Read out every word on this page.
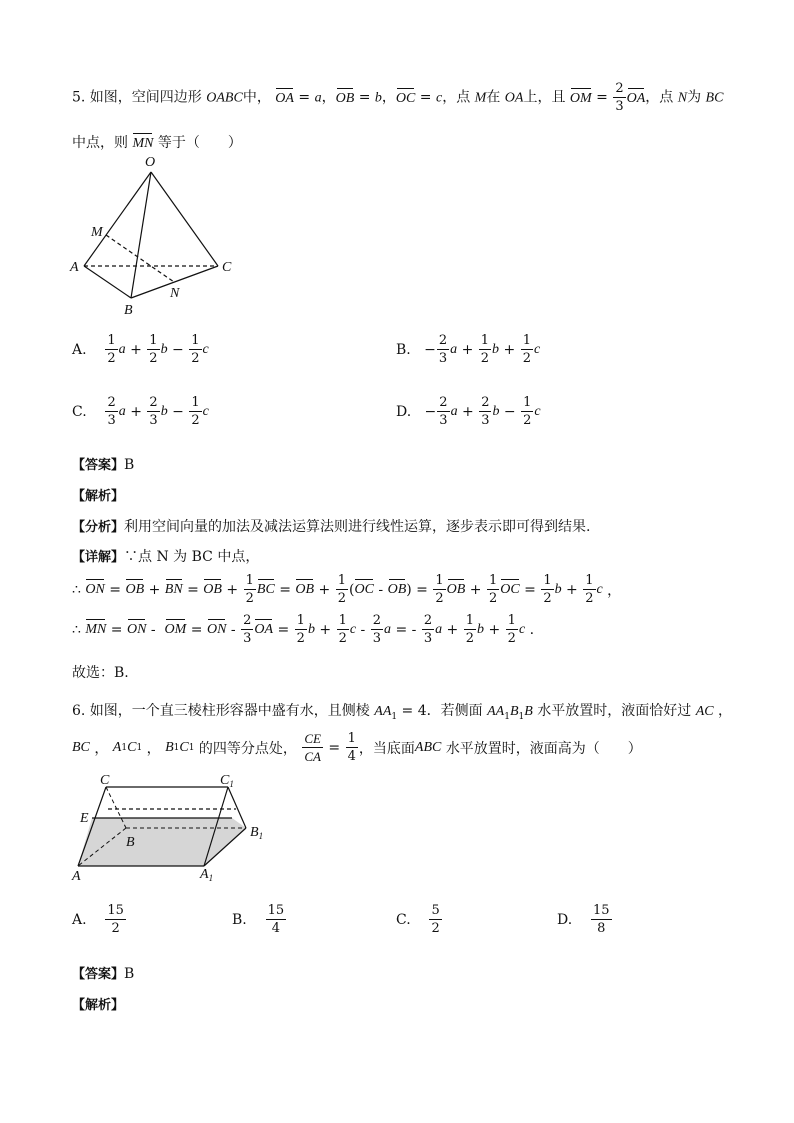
5. 如图，空间四边形 OABC中， OA = a，OB = b，OC = c，点 M在 OA上，且 OM = $\frac{2}{3}$ OA，点 N为 BC
中点，则 MN 等于（　　）
O
M
A	C
N
B
A.
$\frac{1}{2}$ $a + \frac{1}{2}$ $b - \frac{1}{2}$ c	B. − $\frac{2}{3}$ $a + \frac{1}{2}$ $b + \frac{1}{2}$ c
C.
$\frac{2}{3}$ $a + \frac{2}{3}$ $b - \frac{1}{2}$ c	D. − $\frac{2}{3}$ $a + \frac{2}{3}$ $b - \frac{1}{2}$ c
【答案】B
【解析】
【分析】利用空间向量的加法及减法运算法则进行线性运算，逐步表示即可得到结果.
【详解】∵点 N 为 BC 中点，
∴ ON = OB + BN = OB + $\frac{1}{2}$ BC = OB + $\frac{1}{2}$ ( OC - OB ) = $\frac{1}{2}$ OB + $\frac{1}{2}$ OC = $\frac{1}{2}$ $b + \frac{1}{2}$ c ，
∴ MN = ON - OM = ON - $\frac{2}{3}$ OA = $\frac{1}{2}$ $b + \frac{1}{2}$ c - $\frac{2}{3}$ a = - $\frac{2}{3}$ $a + \frac{1}{2}$ $b + \frac{1}{2}$ c .
故选：B.
6. 如图，一个直三棱柱形容器中盛有水，且侧棱 $AA_1 = 4$．若侧面 $AA_1B_1B$ 水平放置时，液面恰好过 AC ，
BC ， A 1 C 1 ， B 1 C 1
的四等分点处，
$\frac{CE}{CA} = \frac{1}{4}$ ，当底面 ABC
水平放置时，液面高为（　　）
C	$C_1$
E
B
$B_1$
A	$A_1$
A.
$\frac{15}{2}$	B.
$\frac{15}{4}$	C.
$\frac{5}{2}$	D.
$\frac{15}{8}$
【答案】B
【解析】
